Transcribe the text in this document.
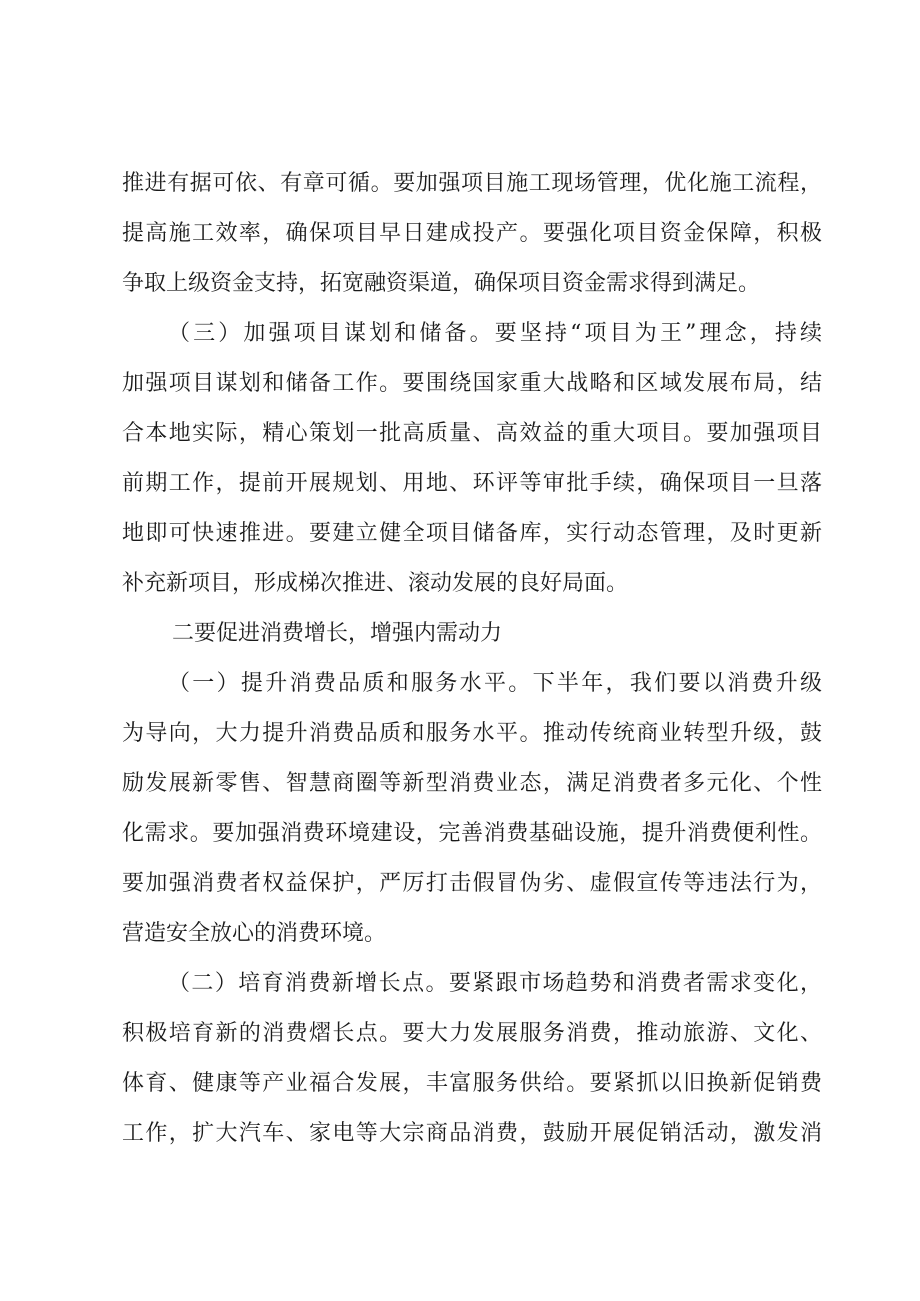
推进有据可依、有章可循。要加强项目施工现场管理，优化施工流程，
提高施工效率，确保项目早日建成投产。要强化项目资金保障，积极
争取上级资金支持，拓宽融资渠道，确保项目资金需求得到满足。
（三）加强项目谋划和储备。要坚持“项目为王”理念，持续
加强项目谋划和储备工作。要围绕国家重大战略和区域发展布局，结
合本地实际，精心策划一批高质量、高效益的重大项目。要加强项目
前期工作，提前开展规划、用地、环评等审批手续，确保项目一旦落
地即可快速推进。要建立健全项目储备库，实行动态管理，及时更新
补充新项目，形成梯次推进、滚动发展的良好局面。
二要促进消费增长，增强内需动力
（一）提升消费品质和服务水平。下半年，我们要以消费升级
为导向，大力提升消费品质和服务水平。推动传统商业转型升级，鼓
励发展新零售、智慧商圈等新型消费业态，满足消费者多元化、个性
化需求。要加强消费环境建设，完善消费基础设施，提升消费便利性。
要加强消费者权益保护，严厉打击假冒伪劣、虚假宣传等违法行为，
营造安全放心的消费环境。
（二）培育消费新增长点。要紧跟市场趋势和消费者需求变化，
积极培育新的消费熠长点。要大力发展服务消费，推动旅游、文化、
体育、健康等产业福合发展，丰富服务供给。要紧抓以旧换新促销费
工作，扩大汽车、家电等大宗商品消费，鼓励开展促销活动，激发消
